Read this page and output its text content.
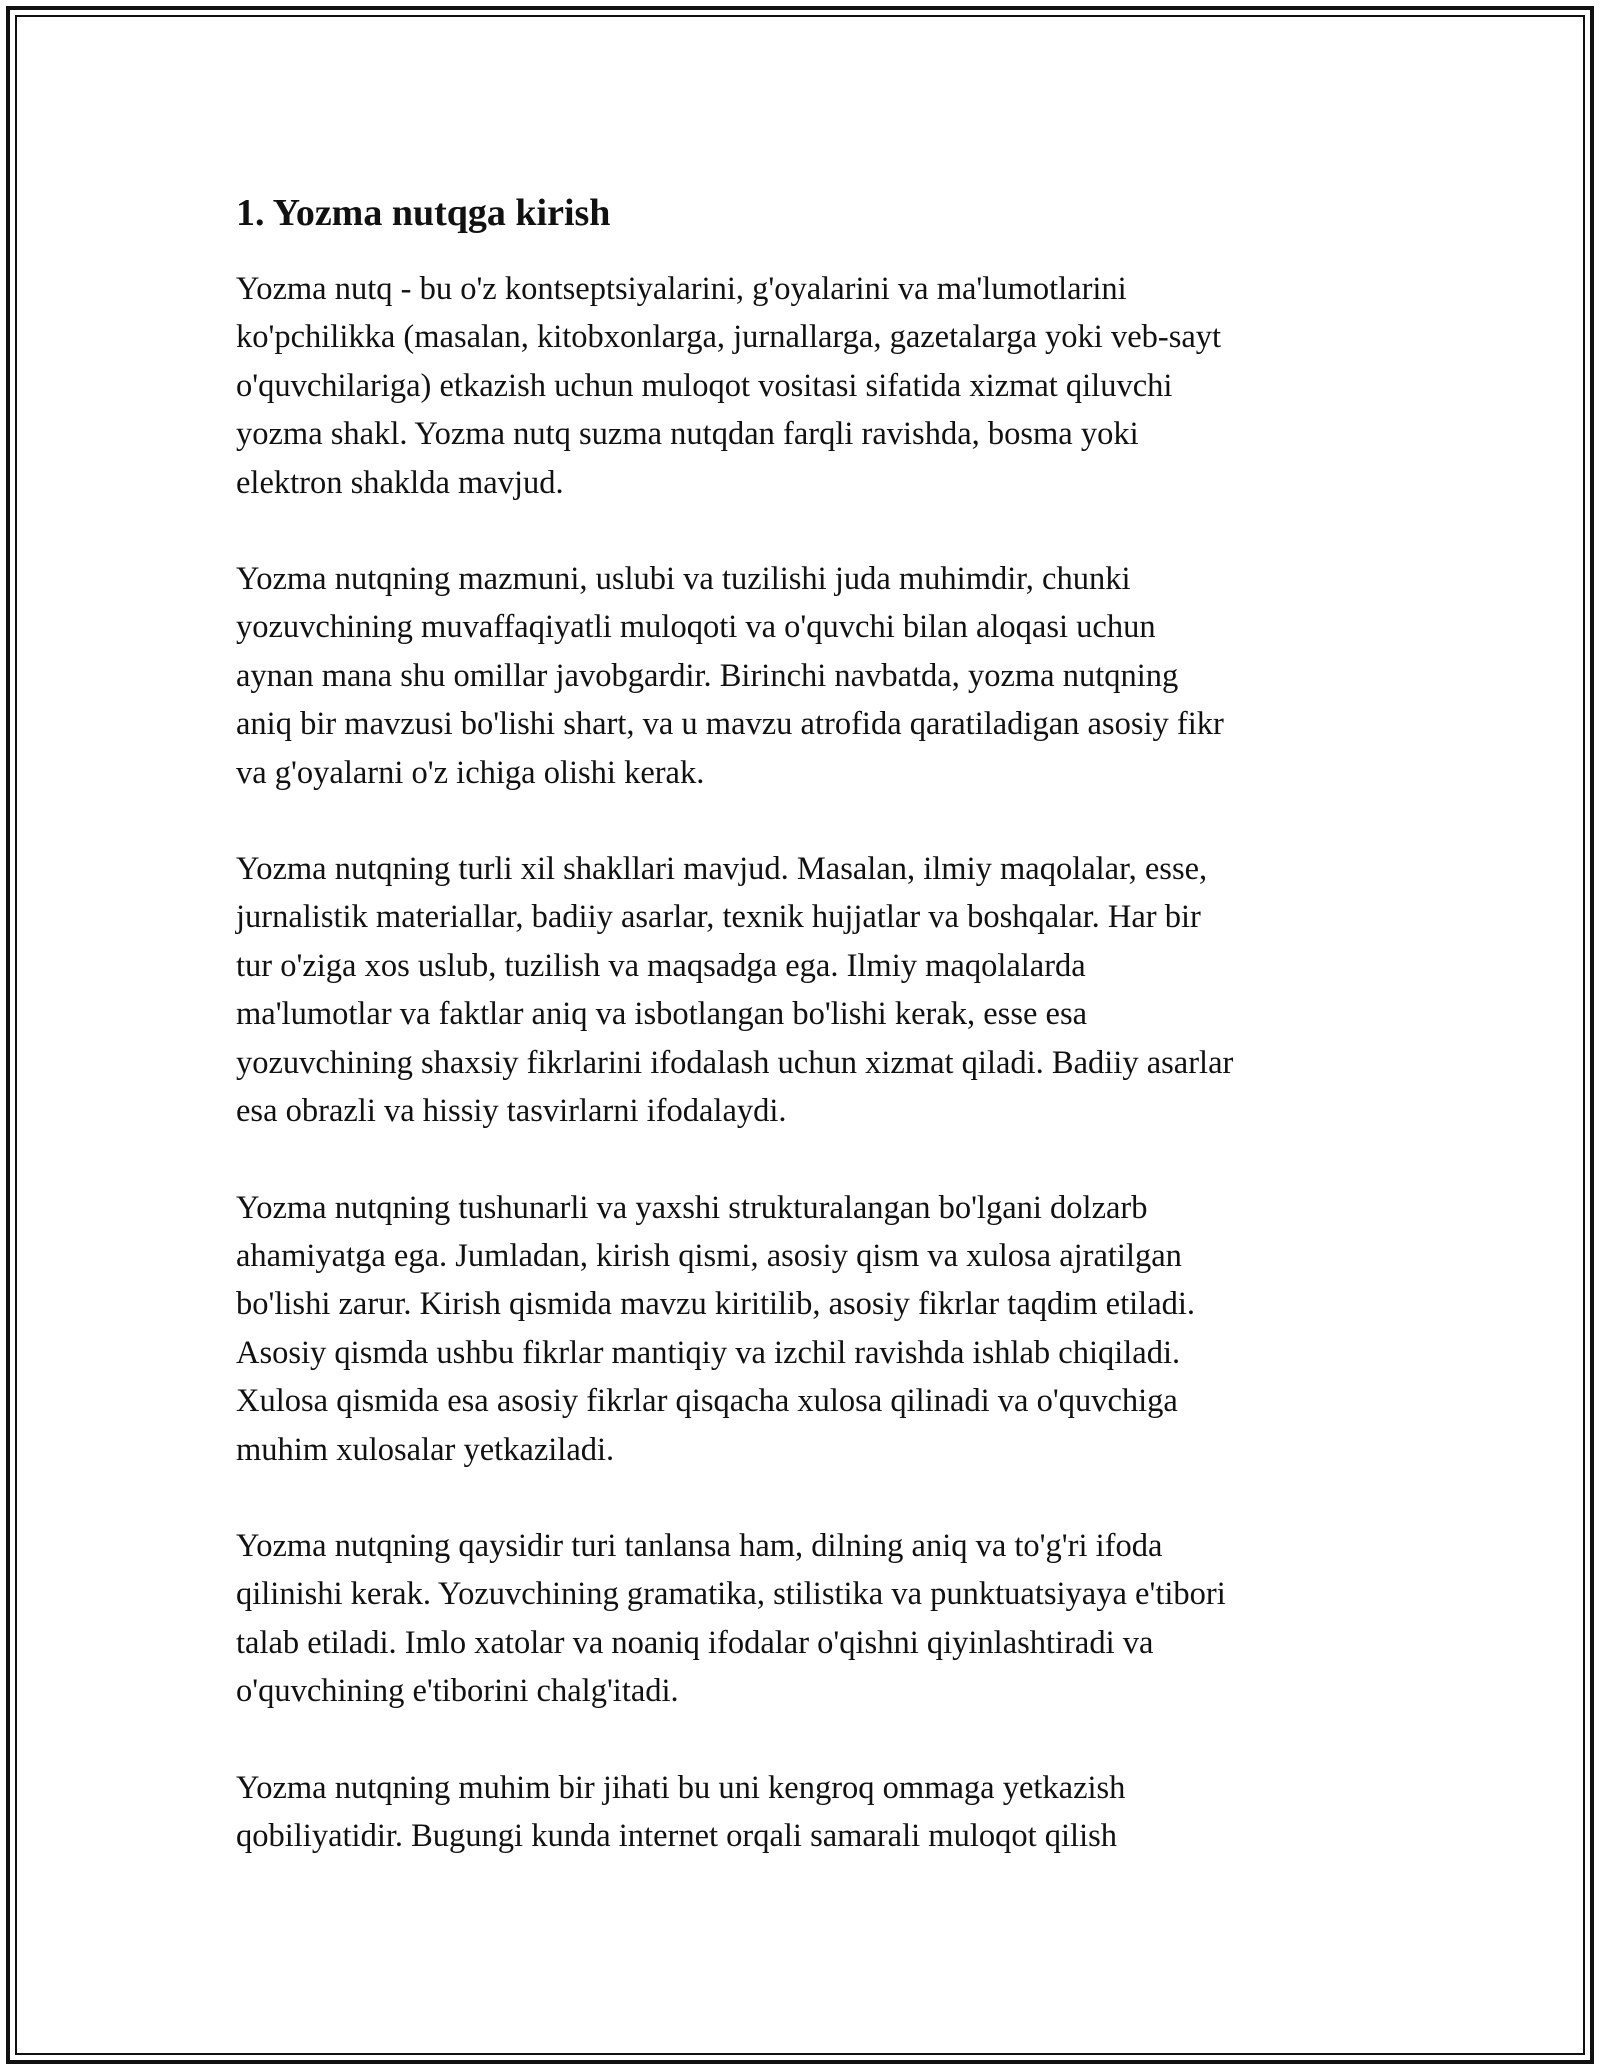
1. Yozma nutqga kirish

Yozma nutq - bu o'z kontseptsiyalarini, g'oyalarini va ma'lumotlarini
ko'pchilikka (masalan, kitobxonlarga, jurnallarga, gazetalarga yoki veb-sayt
o'quvchilariga) etkazish uchun muloqot vositasi sifatida xizmat qiluvchi
yozma shakl. Yozma nutq suzma nutqdan farqli ravishda, bosma yoki
elektron shaklda mavjud.

Yozma nutqning mazmuni, uslubi va tuzilishi juda muhimdir, chunki
yozuvchining muvaffaqiyatli muloqoti va o'quvchi bilan aloqasi uchun
aynan mana shu omillar javobgardir. Birinchi navbatda, yozma nutqning
aniq bir mavzusi bo'lishi shart, va u mavzu atrofida qaratiladigan asosiy fikr
va g'oyalarni o'z ichiga olishi kerak.

Yozma nutqning turli xil shakllari mavjud. Masalan, ilmiy maqolalar, esse,
jurnalistik materiallar, badiiy asarlar, texnik hujjatlar va boshqalar. Har bir
tur o'ziga xos uslub, tuzilish va maqsadga ega. Ilmiy maqolalarda
ma'lumotlar va faktlar aniq va isbotlangan bo'lishi kerak, esse esa
yozuvchining shaxsiy fikrlarini ifodalash uchun xizmat qiladi. Badiiy asarlar
esa obrazli va hissiy tasvirlarni ifodalaydi.

Yozma nutqning tushunarli va yaxshi strukturalangan bo'lgani dolzarb
ahamiyatga ega. Jumladan, kirish qismi, asosiy qism va xulosa ajratilgan
bo'lishi zarur. Kirish qismida mavzu kiritilib, asosiy fikrlar taqdim etiladi.
Asosiy qismda ushbu fikrlar mantiqiy va izchil ravishda ishlab chiqiladi.
Xulosa qismida esa asosiy fikrlar qisqacha xulosa qilinadi va o'quvchiga
muhim xulosalar yetkaziladi.

Yozma nutqning qaysidir turi tanlansa ham, dilning aniq va to'g'ri ifoda
qilinishi kerak. Yozuvchining gramatika, stilistika va punktuatsiyaya e'tibori
talab etiladi. Imlo xatolar va noaniq ifodalar o'qishni qiyinlashtiradi va
o'quvchining e'tiborini chalg'itadi.

Yozma nutqning muhim bir jihati bu uni kengroq ommaga yetkazish
qobiliyatidir. Bugungi kunda internet orqali samarali muloqot qilish
